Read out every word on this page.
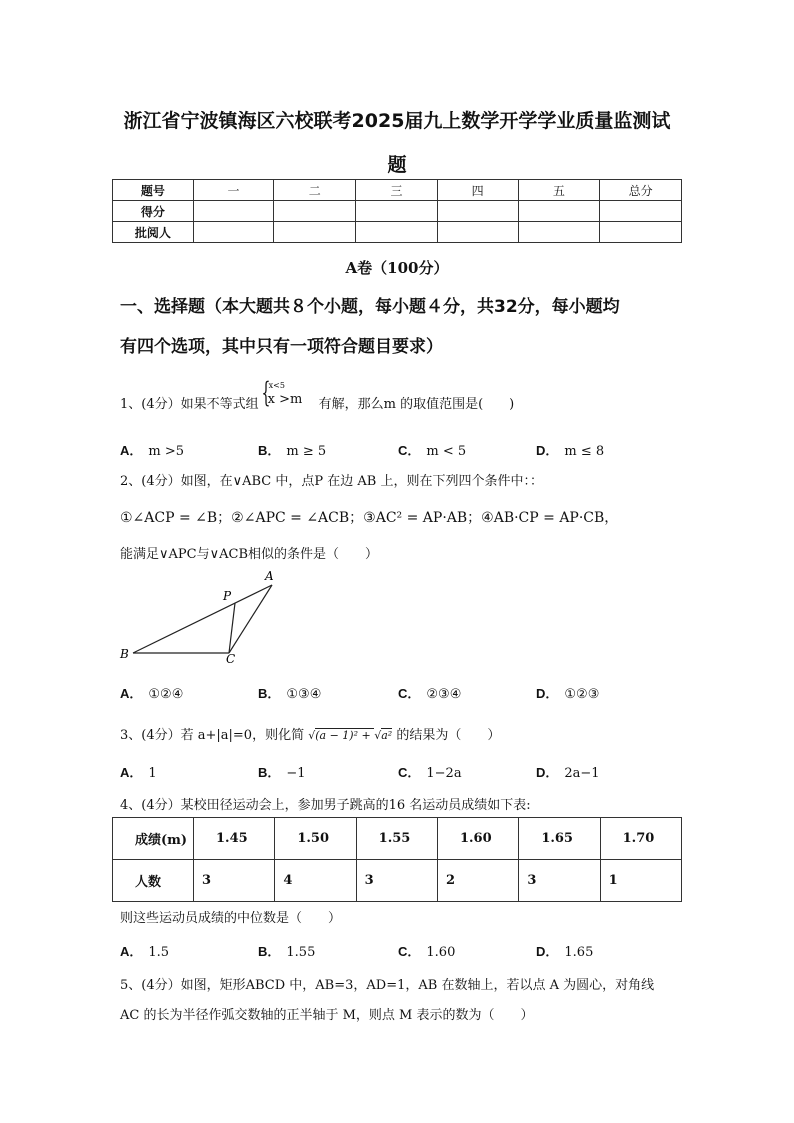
浙江省宁波镇海区六校联考2025届九上数学开学学业质量监测试
题
题号	一	二	三	四	五	总分
得分						
批阅人						
A卷（100分）
一、选择题（本大题共８个小题，每小题４分，共32分，每小题均
有四个选项，其中只有一项符合题目要求）
1、(4分）如果不等式组 {
x<5
x >m 有解，那么m 的取值范围是(　　)
A． m >5	B． m ≥ 5	C． m < 5	D． m ≤ 8
2、(4分）如图，在∨ABC 中，点P 在边 AB 上，则在下列四个条件中：：
①∠ACP = ∠B；②∠APC = ∠ACB；③AC² = AP·AB；④AB·CP = AP·CB，
能满足∨APC与∨ACB相似的条件是（　　）
A
P
B	C
A． ①②④	B． ①③④	C． ②③④	D． ①②③
3、(4分）若 a+|a|=0，则化简 √(a − 1)² + √a² 的结果为（　　）
A． 1	B． −1	C． 1−2a	D． 2a−1
4、(4分）某校田径运动会上，参加男子跳高的16 名运动员成绩如下表:
成绩(m)	1.45	1.50	1.55	1.60	1.65	1.70
人数	3	4	3	2	3	1
则这些运动员成绩的中位数是（　　）
A． 1.5	B． 1.55	C． 1.60	D． 1.65
5、(4分）如图，矩形ABCD 中，AB=3，AD=1，AB 在数轴上，若以点 A 为圆心，对角线
AC 的长为半径作弧交数轴的正半轴于 M，则点 M 表示的数为（　　）
